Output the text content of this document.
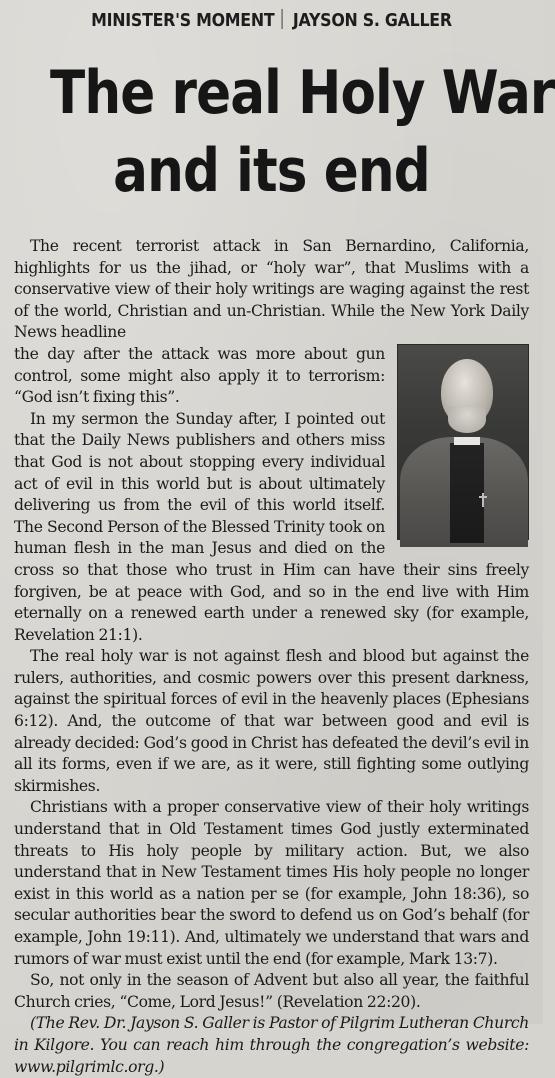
MINISTER'S MOMENT JAYSON S. GALLER
The real Holy War
and its end

The recent terrorist attack in San Bernardino, California, highlights for us the jihad, or “holy war”, that Muslims with a conservative view of their holy writings are waging against the rest of the world, Christian and un-Christian. While the New York Daily News headline

the day after the attack was more about gun control, some might also apply it to terrorism: “God isn’t fixing this”.

In my sermon the Sunday after, I pointed out that the Daily News publishers and others miss that God is not about stopping every individual act of evil in this world but is about ultimately delivering us from the evil of this world itself. The Second Person of the Blessed Trinity took on human flesh in the man Jesus and died on the cross so that those who trust in Him can have their sins freely forgiven, be at peace with God, and so in the end live with Him eternally on a renewed earth under a renewed sky (for example, Revelation 21:1).

The real holy war is not against flesh and blood but against the rulers, authorities, and cosmic powers over this present darkness, against the spiritual forces of evil in the heavenly places (Ephesians 6:12). And, the outcome of that war between good and evil is already decided: God’s good in Christ has defeated the devil’s evil in all its forms, even if we are, as it were, still fighting some outlying skirmishes.

Christians with a proper conservative view of their holy writings understand that in Old Testament times God justly exterminated threats to His holy people by military action. But, we also understand that in New Testament times His holy people no longer exist in this world as a nation per se (for example, John 18:36), so secular authorities bear the sword to defend us on God’s behalf (for example, John 19:11). And, ultimately we understand that wars and rumors of war must exist until the end (for example, Mark 13:7).

So, not only in the season of Advent but also all year, the faithful Church cries, “Come, Lord Jesus!” (Revelation 22:20).

(The Rev. Dr. Jayson S. Galler is Pastor of Pilgrim Lutheran Church in Kilgore. You can reach him through the congregation’s website: www.pilgrimlc.org.)
